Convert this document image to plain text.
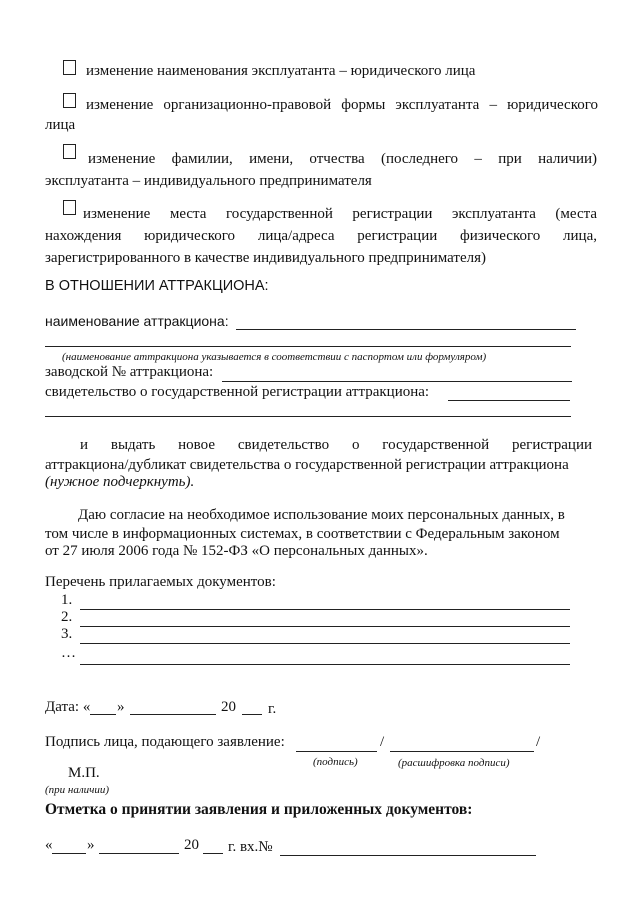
изменение наименования эксплуатанта – юридического лица
изменение организационно-правовой формы эксплуатанта – юридического
лица
изменение фамилии, имени, отчества (последнего – при наличии)
эксплуатанта – индивидуального предпринимателя
изменение места государственной регистрации эксплуатанта (места
нахождения юридического лица/адреса регистрации физического лица,
зарегистрированного в качестве индивидуального предпринимателя)
В ОТНОШЕНИИ АТТРАКЦИОНА:
наименование аттракциона:
(наименование аттракциона указывается в соответствии с паспортом или формуляром)
заводской № аттракциона:
свидетельство о государственной регистрации аттракциона:
и выдать новое свидетельство о государственной регистрации
аттракциона/дубликат свидетельства о государственной регистрации аттракциона
(нужное подчеркнуть).
Даю согласие на необходимое использование моих персональных данных, в
том числе в информационных системах, в соответствии с Федеральным законом
от 27 июля 2006 года № 152-ФЗ «О персональных данных».
Перечень прилагаемых документов:
1.
2.
3.
…
Дата: « »	20 г.
Подпись лица, подающего заявление:	/	/
(подпись)	(расшифровка подписи)
М.П.
(при наличии)
Отметка о принятии заявления и приложенных документов:
« »	20 г. вх.№
